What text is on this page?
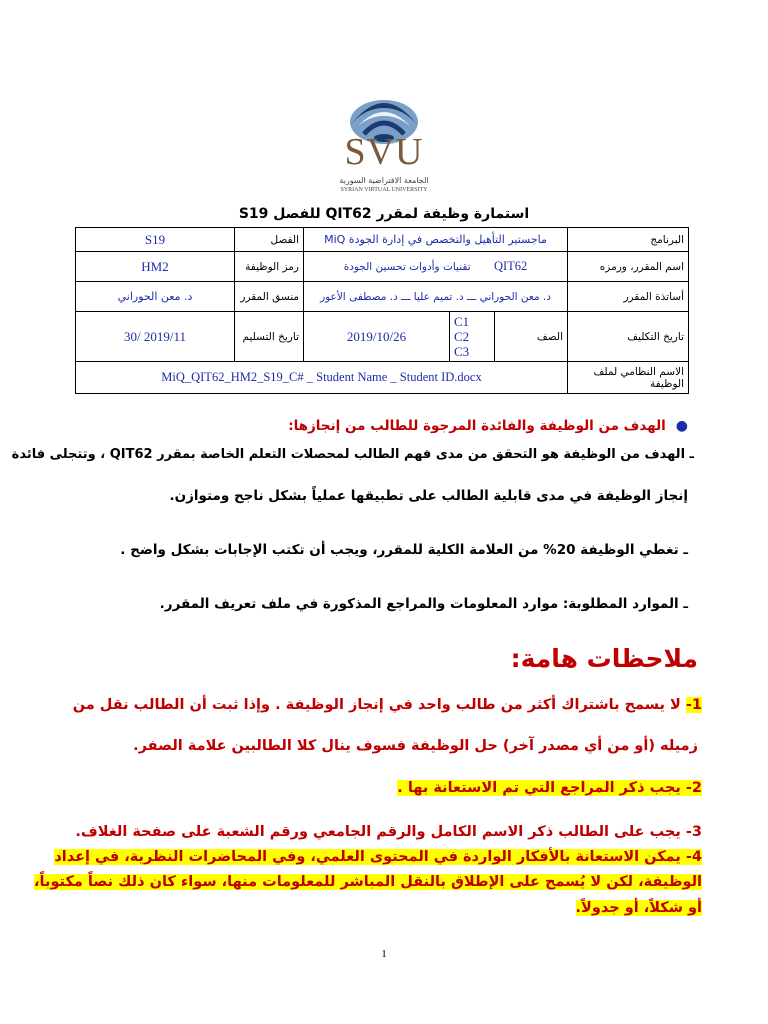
SVU
الجامعة الافتراضية السورية
SYRIAN VIRTUAL UNIVERSITY
استمارة وظيفة لمقرر QIT62 للفصل S19
البرنامج	ماجستير التأهيل والتخصص في إدارة الجودة MiQ			الفصل	S19
اسم المقرر، ورمزه	QIT62 تقنيات وأدوات تحسين الجودة			رمز الوظيفة	HM2
أساتذة المقرر	د. معن الحوراني ـــ د. تميم عليا ـــ د. مصطفى الأعور			منسق المقرر	د. معن الحوراني
تاريخ التكليف	الصف	C1
C2
C3	2019/10/26	تاريخ التسليم	2019/11 /30
الاسم النظامي لملف الوظيفة	MiQ_QIT62_HM2_S19_C# _ Student Name _ Student ID.docx				
●الهدف من الوظيفة والفائدة المرجوة للطالب من إنجازها:
ـ الهدف من الوظيفة هو التحقق من مدى فهم الطالب لمحصلات التعلم الخاصة بمقرر QIT62 ، وتتجلى فائدة
إنجاز الوظيفة في مدى قابلية الطالب على تطبيقها عملياً بشكل ناجح ومتوازن.
ـ تغطي الوظيفة 20% من العلامة الكلية للمقرر، ويجب أن تكتب الإجابات بشكل واضح .
ـ الموارد المطلوبة: موارد المعلومات والمراجع المذكورة في ملف تعريف المقرر.
ملاحظات هامة:
1- لا يسمح باشتراك أكثر من طالب واحد في إنجاز الوظيفة . وإذا ثبت أن الطالب نقل من
زميله (أو من أي مصدر آخر) حل الوظيفة فسوف ينال كلا الطالبين علامة الصفر.
2- يجب ذكر المراجع التي تم الاستعانة بها .
3- يجب على الطالب ذكر الاسم الكامل والرقم الجامعي ورقم الشعبة على صفحة الغلاف.
4- يمكن الاستعانة بالأفكار الواردة في المحتوى العلمي، وفي المحاضرات النظرية، في إعداد
الوظيفة، لكن لا يُسمح على الإطلاق بالنقل المباشر للمعلومات منها، سواء كان ذلك نصاً مكتوباً،
أو شكلاً، أو جدولاً.
1
